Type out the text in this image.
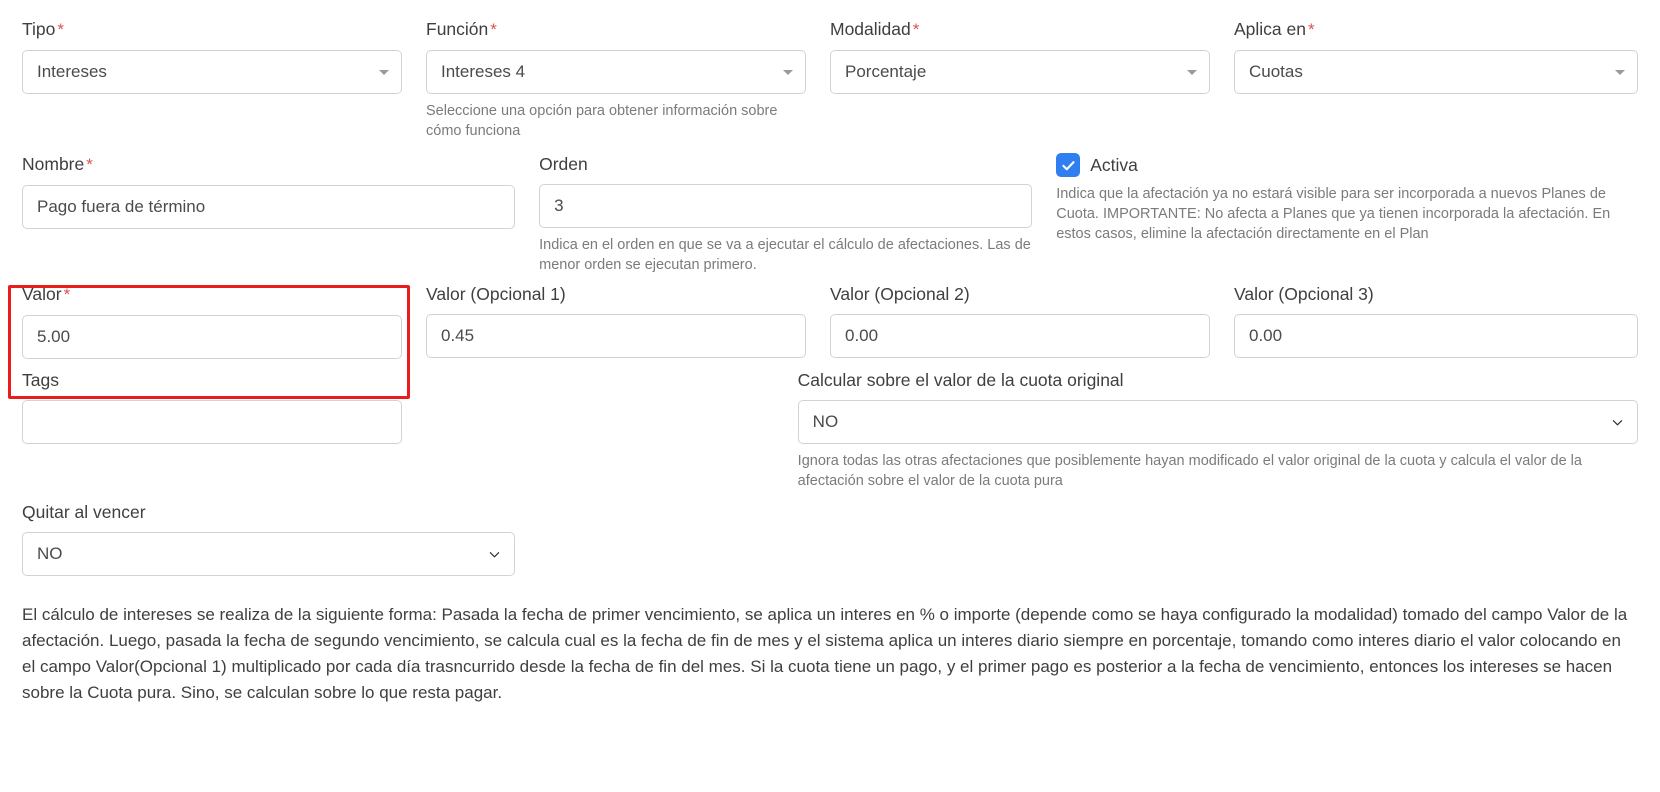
Tipo *
Intereses
Función *
Intereses 4
Seleccione una opción para obtener información sobre cómo funciona
Modalidad *
Porcentaje
Aplica en *
Cuotas
Nombre *
Pago fuera de término
Orden
3
Indica en el orden en que se va a ejecutar el cálculo de afectaciones. Las de menor orden se ejecutan primero.
Activa
Indica que la afectación ya no estará visible para ser incorporada a nuevos Planes de Cuota. IMPORTANTE: No afecta a Planes que ya tienen incorporada la afectación. En estos casos, elimine la afectación directamente en el Plan
Valor *
5.00
Valor (Opcional 1)
0.45
Valor (Opcional 2)
0.00
Valor (Opcional 3)
0.00
Tags	Calcular sobre el valor de la cuota original
NO
Ignora todas las otras afectaciones que posiblemente hayan modificado el valor original de la cuota y calcula el valor de la afectación sobre el valor de la cuota pura
Quitar al vencer
NO
El cálculo de intereses se realiza de la siguiente forma: Pasada la fecha de primer vencimiento, se aplica un interes en % o importe (depende como se haya configurado la modalidad) tomado del campo Valor de la afectación. Luego, pasada la fecha de segundo vencimiento, se calcula cual es la fecha de fin de mes y el sistema aplica un interes diario siempre en porcentaje, tomando como interes diario el valor colocando en el campo Valor(Opcional 1) multiplicado por cada día trasncurrido desde la fecha de fin del mes. Si la cuota tiene un pago, y el primer pago es posterior a la fecha de vencimiento, entonces los intereses se hacen sobre la Cuota pura. Sino, se calculan sobre lo que resta pagar.
